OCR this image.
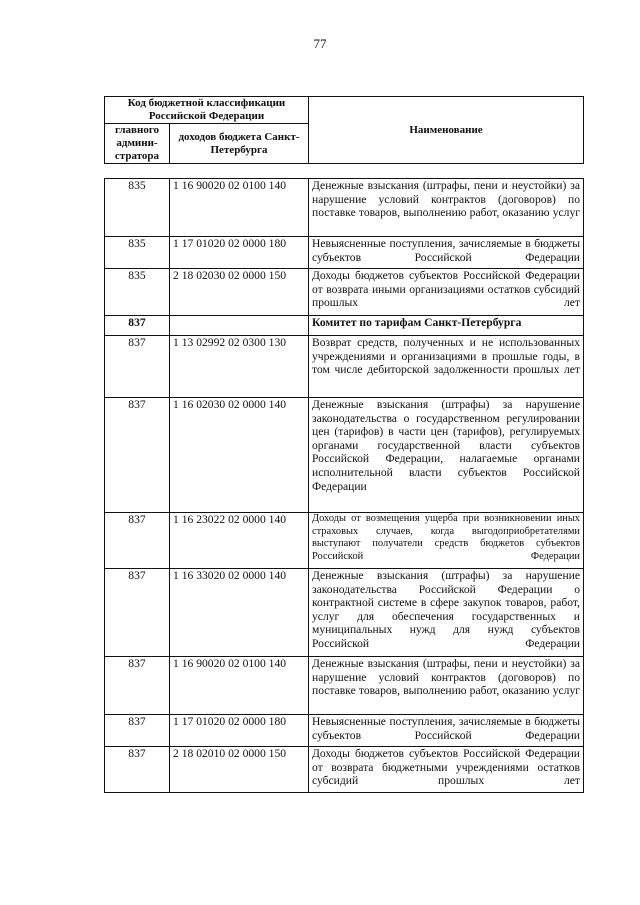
77
Код бюджетной классификации Российской Федерации		Наименование
главного админи-стратора	доходов бюджета Санкт-Петербурга	
835	1 16 90020 02 0100 140	Денежные взыскания (штрафы, пени и неустойки) за нарушение условий контрактов (договоров) по поставке товаров, выполнению работ, оказанию услуг
835	1 17 01020 02 0000 180	Невыясненные поступления, зачисляемые в бюджеты субъектов Российской Федерации
835	2 18 02030 02 0000 150	Доходы бюджетов субъектов Российской Федерации от возврата иными организациями остатков субсидий прошлых лет
837		Комитет по тарифам Санкт-Петербурга
837	1 13 02992 02 0300 130	Возврат средств, полученных и не использованных учреждениями и организациями в прошлые годы, в том числе дебиторской задолженности прошлых лет
837	1 16 02030 02 0000 140	Денежные взыскания (штрафы) за нарушение законодательства о государственном регулировании цен (тарифов) в части цен (тарифов), регулируемых органами государственной власти субъектов Российской Федерации, налагаемые органами исполнительной власти субъектов Российской Федерации
837	1 16 23022 02 0000 140	Доходы от возмещения ущерба при возникновении иных страховых случаев, когда выгодоприобретателями выступают получатели средств бюджетов субъектов Российской Федерации
837	1 16 33020 02 0000 140	Денежные взыскания (штрафы) за нарушение законодательства Российской Федерации о контрактной системе в сфере закупок товаров, работ, услуг для обеспечения государственных и муниципальных нужд для нужд субъектов Российской Федерации
837	1 16 90020 02 0100 140	Денежные взыскания (штрафы, пени и неустойки) за нарушение условий контрактов (договоров) по поставке товаров, выполнению работ, оказанию услуг
837	1 17 01020 02 0000 180	Невыясненные поступления, зачисляемые в бюджеты субъектов Российской Федерации
837	2 18 02010 02 0000 150	Доходы бюджетов субъектов Российской Федерации от возврата бюджетными учреждениями остатков субсидий прошлых лет
